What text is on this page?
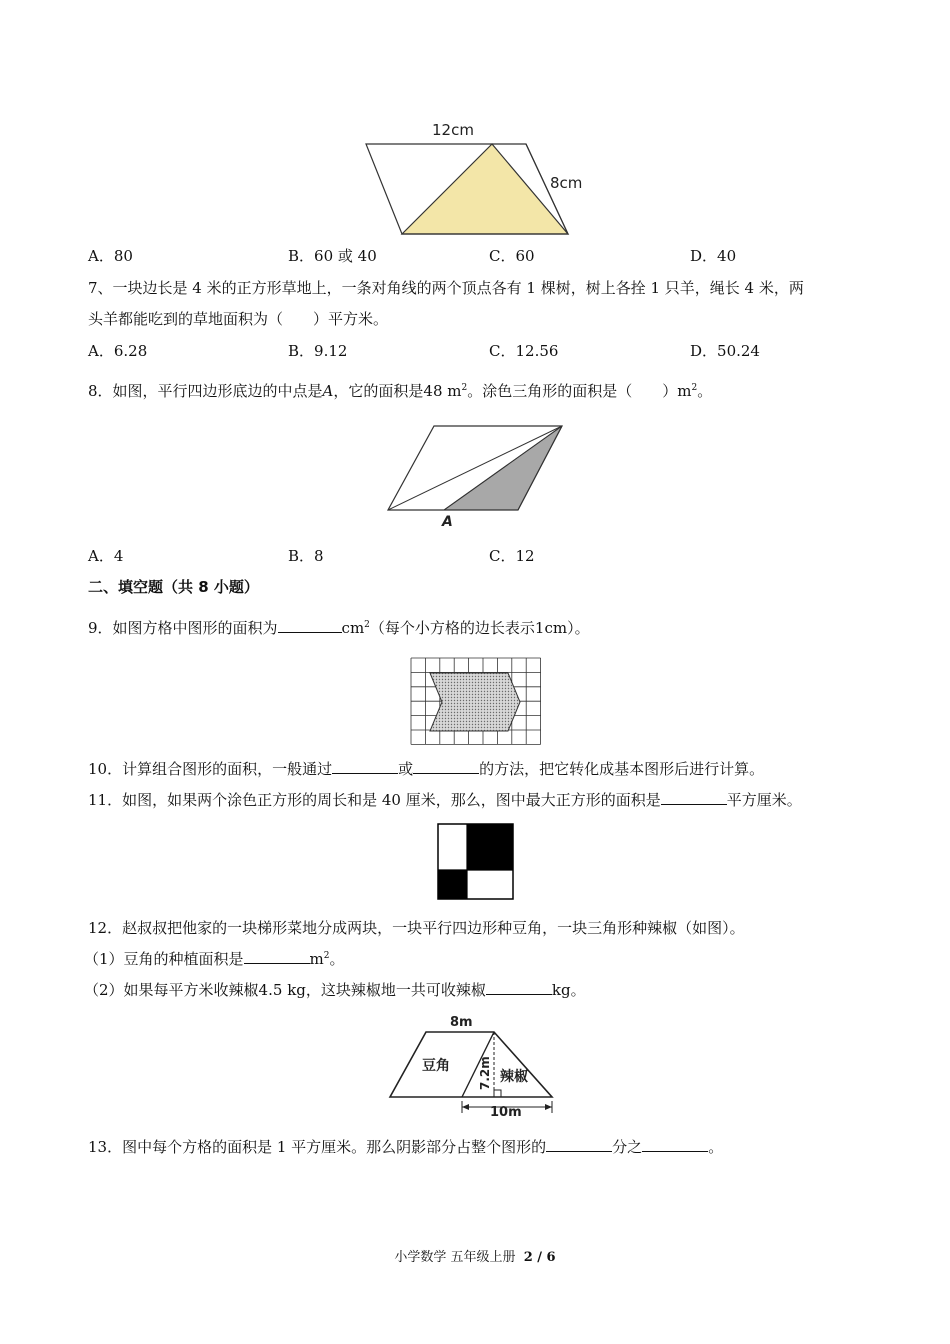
12cm
8cm
A．80	B．60 或 40	C．60	D．40
7、一块边长是 4 米的正方形草地上，一条对角线的两个顶点各有 1 棵树，树上各拴 1 只羊，绳长 4 米，两
头羊都能吃到的草地面积为（　　）平方米。
A．6.28	B．9.12	C．12.56	D．50.24
8．如图，平行四边形底边的中点是A，它的面积是48 $m^2$。涂色三角形的面积是（　　）$m^2$。
A
A．4	B．8	C．12
二、填空题（共 8 小题）
9．如图方格中图形的面积为	$cm^2$（每个小方格的边长表示1cm）。
10．计算组合图形的面积，一般通过	或	的方法，把它转化成基本图形后进行计算。
11．如图，如果两个涂色正方形的周长和是 40 厘米，那么，图中最大正方形的面积是	平方厘米。
12．赵叔叔把他家的一块梯形菜地分成两块，一块平行四边形种豆角，一块三角形种辣椒（如图）。
（1）豆角的种植面积是	$m^2$。
（2）如果每平方米收辣椒4.5 kg，这块辣椒地一共可收辣椒	kg。
8m
豆角
辣椒
7.2m
10m
13．图中每个方格的面积是 1 平方厘米。那么阴影部分占整个图形的	分之	。
小学数学 五年级上册 2 / 6
